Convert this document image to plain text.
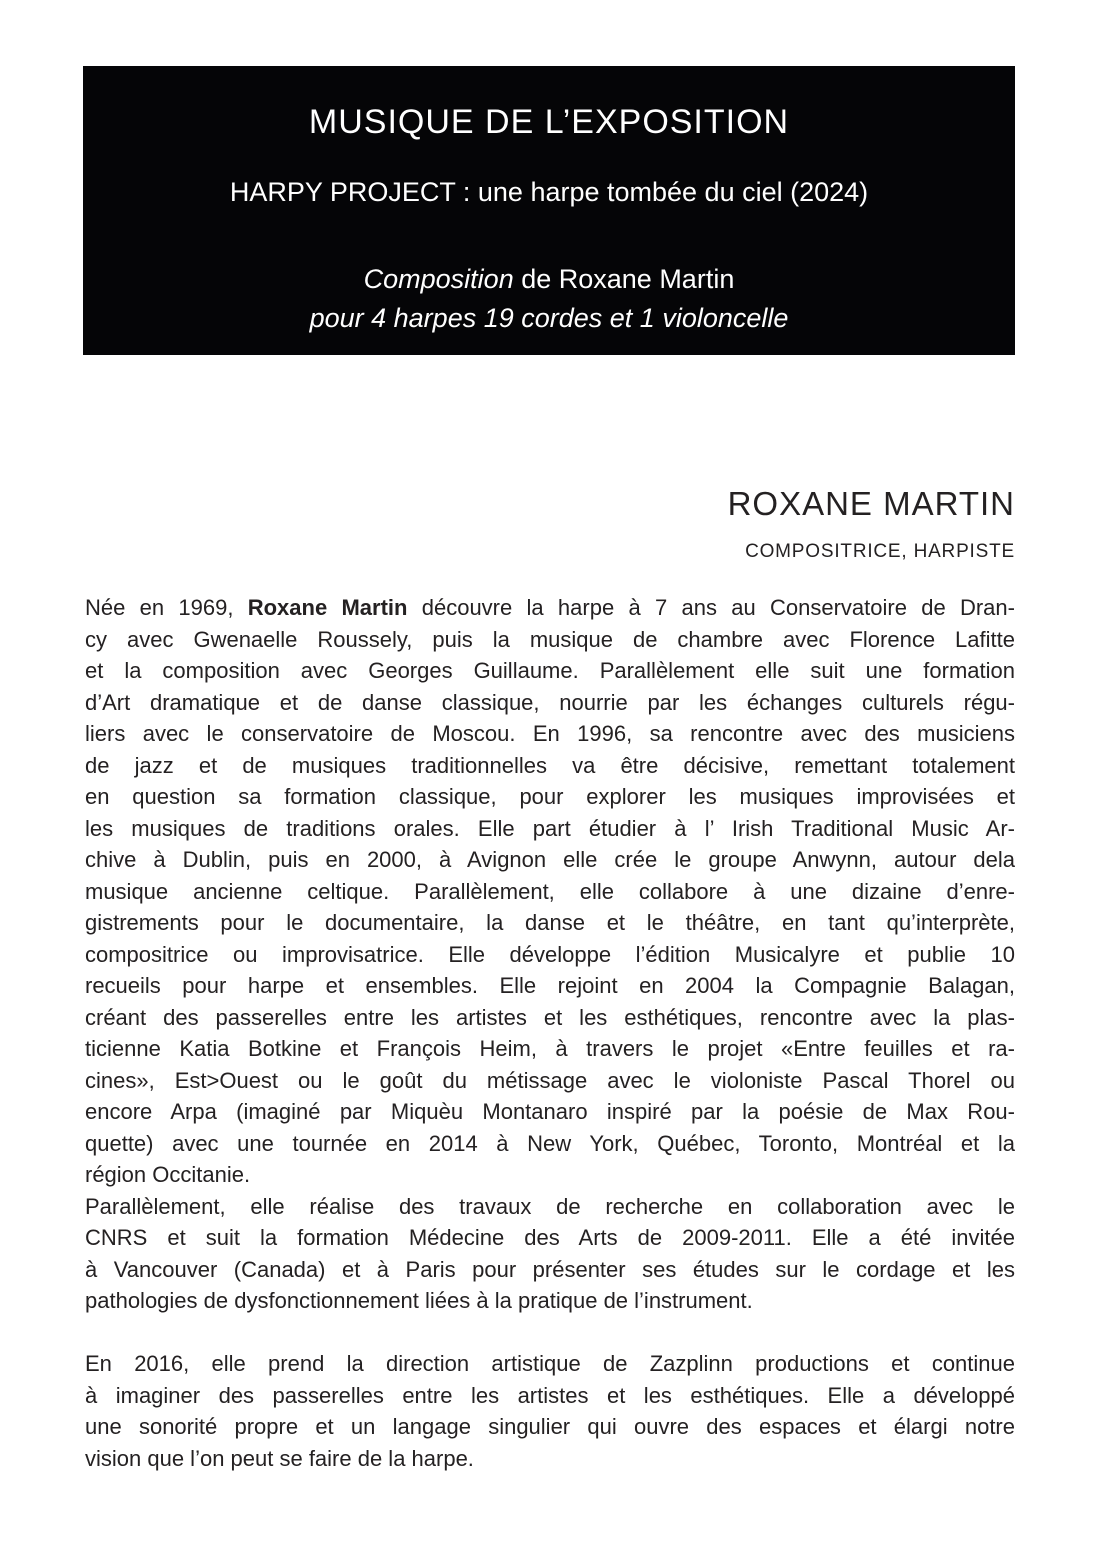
MUSIQUE DE L’EXPOSITION
HARPY PROJECT : une harpe tombée du ciel (2024)
Composition de Roxane Martin
pour 4 harpes 19 cordes et 1 violoncelle
ROXANE MARTIN
COMPOSITRICE, HARPISTE
Née en 1969, Roxane Martin découvre la harpe à 7 ans au Conservatoire de Dran-
cy avec Gwenaelle Roussely, puis la musique de chambre avec Florence Lafitte
et la composition avec Georges Guillaume. Parallèlement elle suit une formation
d’Art dramatique et de danse classique, nourrie par les échanges culturels régu-
liers avec le conservatoire de Moscou. En 1996, sa rencontre avec des musiciens
de jazz et de musiques traditionnelles va être décisive, remettant totalement
en question sa formation classique, pour explorer les musiques improvisées et
les musiques de traditions orales. Elle part étudier à l’ Irish Traditional Music Ar-
chive à Dublin, puis en 2000, à Avignon elle crée le groupe Anwynn, autour dela
musique ancienne celtique. Parallèlement, elle collabore à une dizaine d’enre-
gistrements pour le documentaire, la danse et le théâtre, en tant qu’interprète,
compositrice ou improvisatrice. Elle développe l’édition Musicalyre et publie 10
recueils pour harpe et ensembles. Elle rejoint en 2004 la Compagnie Balagan,
créant des passerelles entre les artistes et les esthétiques, rencontre avec la plas-
ticienne Katia Botkine et François Heim, à travers le projet «Entre feuilles et ra-
cines», Est>Ouest ou le goût du métissage avec le violoniste Pascal Thorel ou
encore Arpa (imaginé par Miquèu Montanaro inspiré par la poésie de Max Rou-
quette) avec une tournée en 2014 à New York, Québec, Toronto, Montréal et la
région Occitanie.
Parallèlement, elle réalise des travaux de recherche en collaboration avec le
CNRS et suit la formation Médecine des Arts de 2009-2011. Elle a été invitée
à Vancouver (Canada) et à Paris pour présenter ses études sur le cordage et les
pathologies de dysfonctionnement liées à la pratique de l’instrument.
En 2016, elle prend la direction artistique de Zazplinn productions et continue
à imaginer des passerelles entre les artistes et les esthétiques. Elle a développé
une sonorité propre et un langage singulier qui ouvre des espaces et élargi notre
vision que l’on peut se faire de la harpe.
